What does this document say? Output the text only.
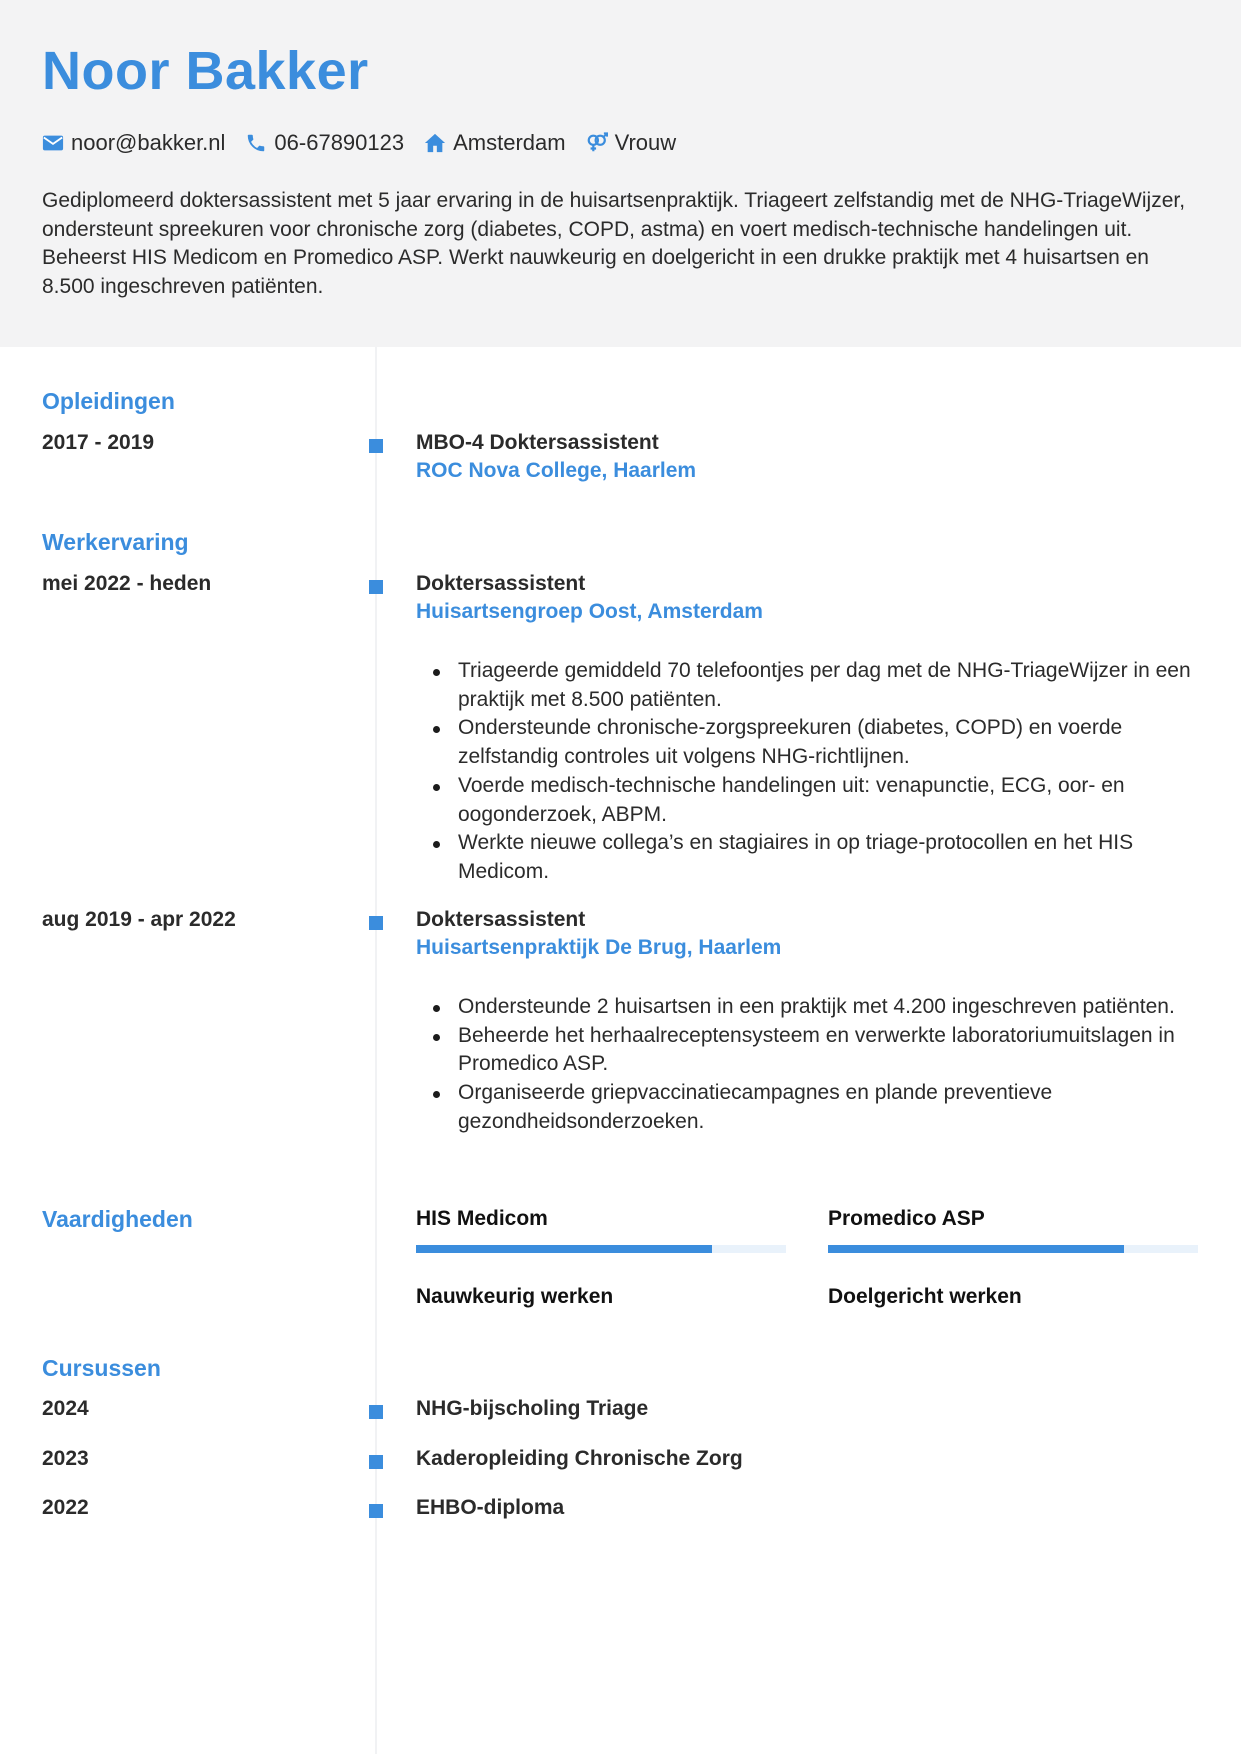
Noor Bakker
noor@bakker.nl 06-67890123 Amsterdam Vrouw

Gediplomeerd doktersassistent met 5 jaar ervaring in de huisartsenpraktijk. Triageert zelfstandig met de NHG-TriageWijzer, ondersteunt spreekuren voor chronische zorg (diabetes, COPD, astma) en voert medisch-technische handelingen uit. Beheerst HIS Medicom en Promedico ASP. Werkt nauwkeurig en doelgericht in een drukke praktijk met 4 huisartsen en 8.500 ingeschreven patiënten.

Opleidingen
2017 - 2019	MBO-4 Doktersassistent
ROC Nova College, Haarlem
Werkervaring
mei 2022 - heden	Doktersassistent
Huisartsengroep Oost, Amsterdam
Triageerde gemiddeld 70 telefoontjes per dag met de NHG-TriageWijzer in een praktijk met 8.500 patiënten.
Ondersteunde chronische-zorgspreekuren (diabetes, COPD) en voerde zelfstandig controles uit volgens NHG-richtlijnen.
Voerde medisch-technische handelingen uit: venapunctie, ECG, oor- en oogonderzoek, ABPM.
Werkte nieuwe collega’s en stagiaires in op triage-protocollen en het HIS Medicom.
aug 2019 - apr 2022	Doktersassistent
Huisartsenpraktijk De Brug, Haarlem
Ondersteunde 2 huisartsen in een praktijk met 4.200 ingeschreven patiënten.
Beheerde het herhaalreceptensysteem en verwerkte laboratoriumuitslagen in Promedico ASP.
Organiseerde griepvaccinatiecampagnes en plande preventieve gezondheidsonderzoeken.
Vaardigheden	HIS Medicom	Promedico ASP
Nauwkeurig werken	Doelgericht werken
Cursussen
2024	NHG-bijscholing Triage
2023	Kaderopleiding Chronische Zorg
2022	EHBO-diploma
